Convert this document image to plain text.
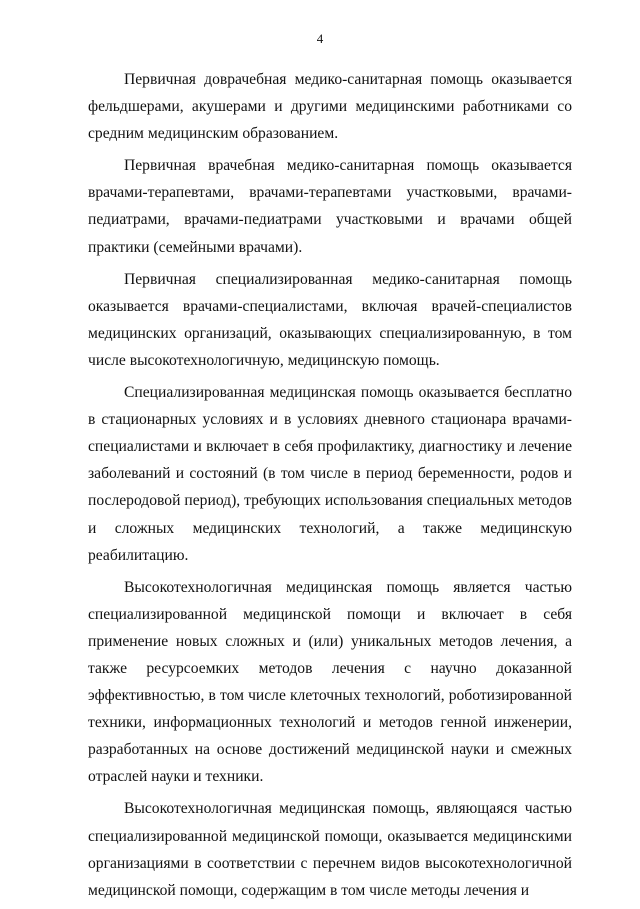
4

Первичная доврачебная медико-санитарная помощь оказывается фельдшерами, акушерами и другими медицинскими работниками со средним медицинским образованием.

Первичная врачебная медико-санитарная помощь оказывается врачами-терапевтами, врачами-терапевтами участковыми, врачами-педиатрами, врачами-педиатрами участковыми и врачами общей практики (семейными врачами).

Первичная специализированная медико-санитарная помощь оказывается врачами-специалистами, включая врачей-специалистов медицинских организаций, оказывающих специализированную, в том числе высокотехнологичную, медицинскую помощь.

Специализированная медицинская помощь оказывается бесплатно в стационарных условиях и в условиях дневного стационара врачами-специалистами и включает в себя профилактику, диагностику и лечение заболеваний и состояний (в том числе в период беременности, родов и послеродовой период), требующих использования специальных методов и сложных медицинских технологий, а также медицинскую реабилитацию.

Высокотехнологичная медицинская помощь является частью специализированной медицинской помощи и включает в себя применение новых сложных и (или) уникальных методов лечения, а также ресурсоемких методов лечения с научно доказанной эффективностью, в том числе клеточных технологий, роботизированной техники, информационных технологий и методов генной инженерии, разработанных на основе достижений медицинской науки и смежных отраслей науки и техники.

Высокотехнологичная медицинская помощь, являющаяся частью специализированной медицинской помощи, оказывается медицинскими организациями в соответствии с перечнем видов высокотехнологичной медицинской помощи, содержащим в том числе методы лечения и
